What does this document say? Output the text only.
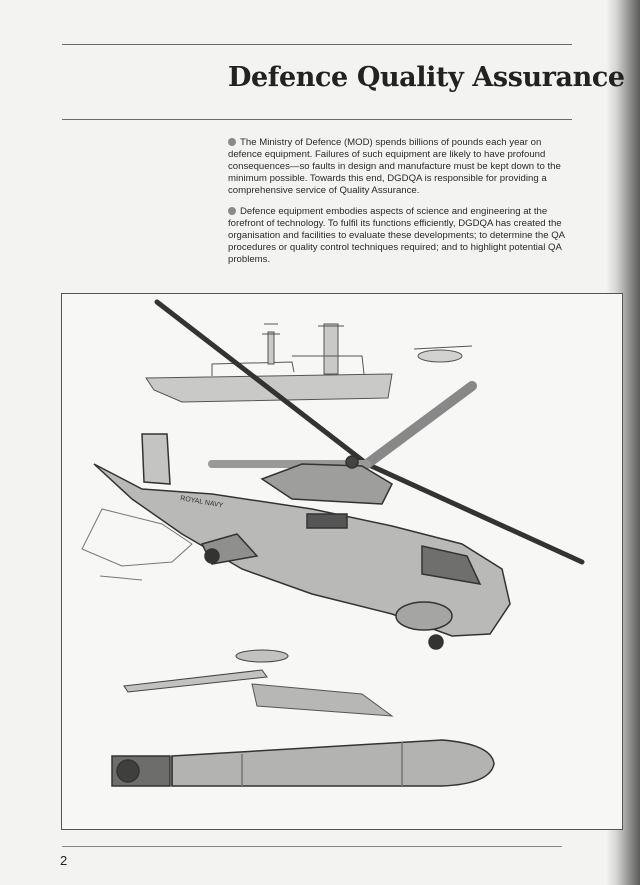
Defence Quality Assurance

The Ministry of Defence (MOD) spends billions of pounds each year on defence equipment. Failures of such equipment are likely to have profound consequences—so faults in design and manufacture must be kept down to the minimum possible. Towards this end, DGDQA is responsible for providing a comprehensive service of Quality Assurance.

Defence equipment embodies aspects of science and engineering at the forefront of technology. To fulfil its functions efficiently, DGDQA has created the organisation and facilities to evaluate these developments; to determine the QA procedures or quality control techniques required; and to highlight potential QA problems.

ROYAL NAVY
2
